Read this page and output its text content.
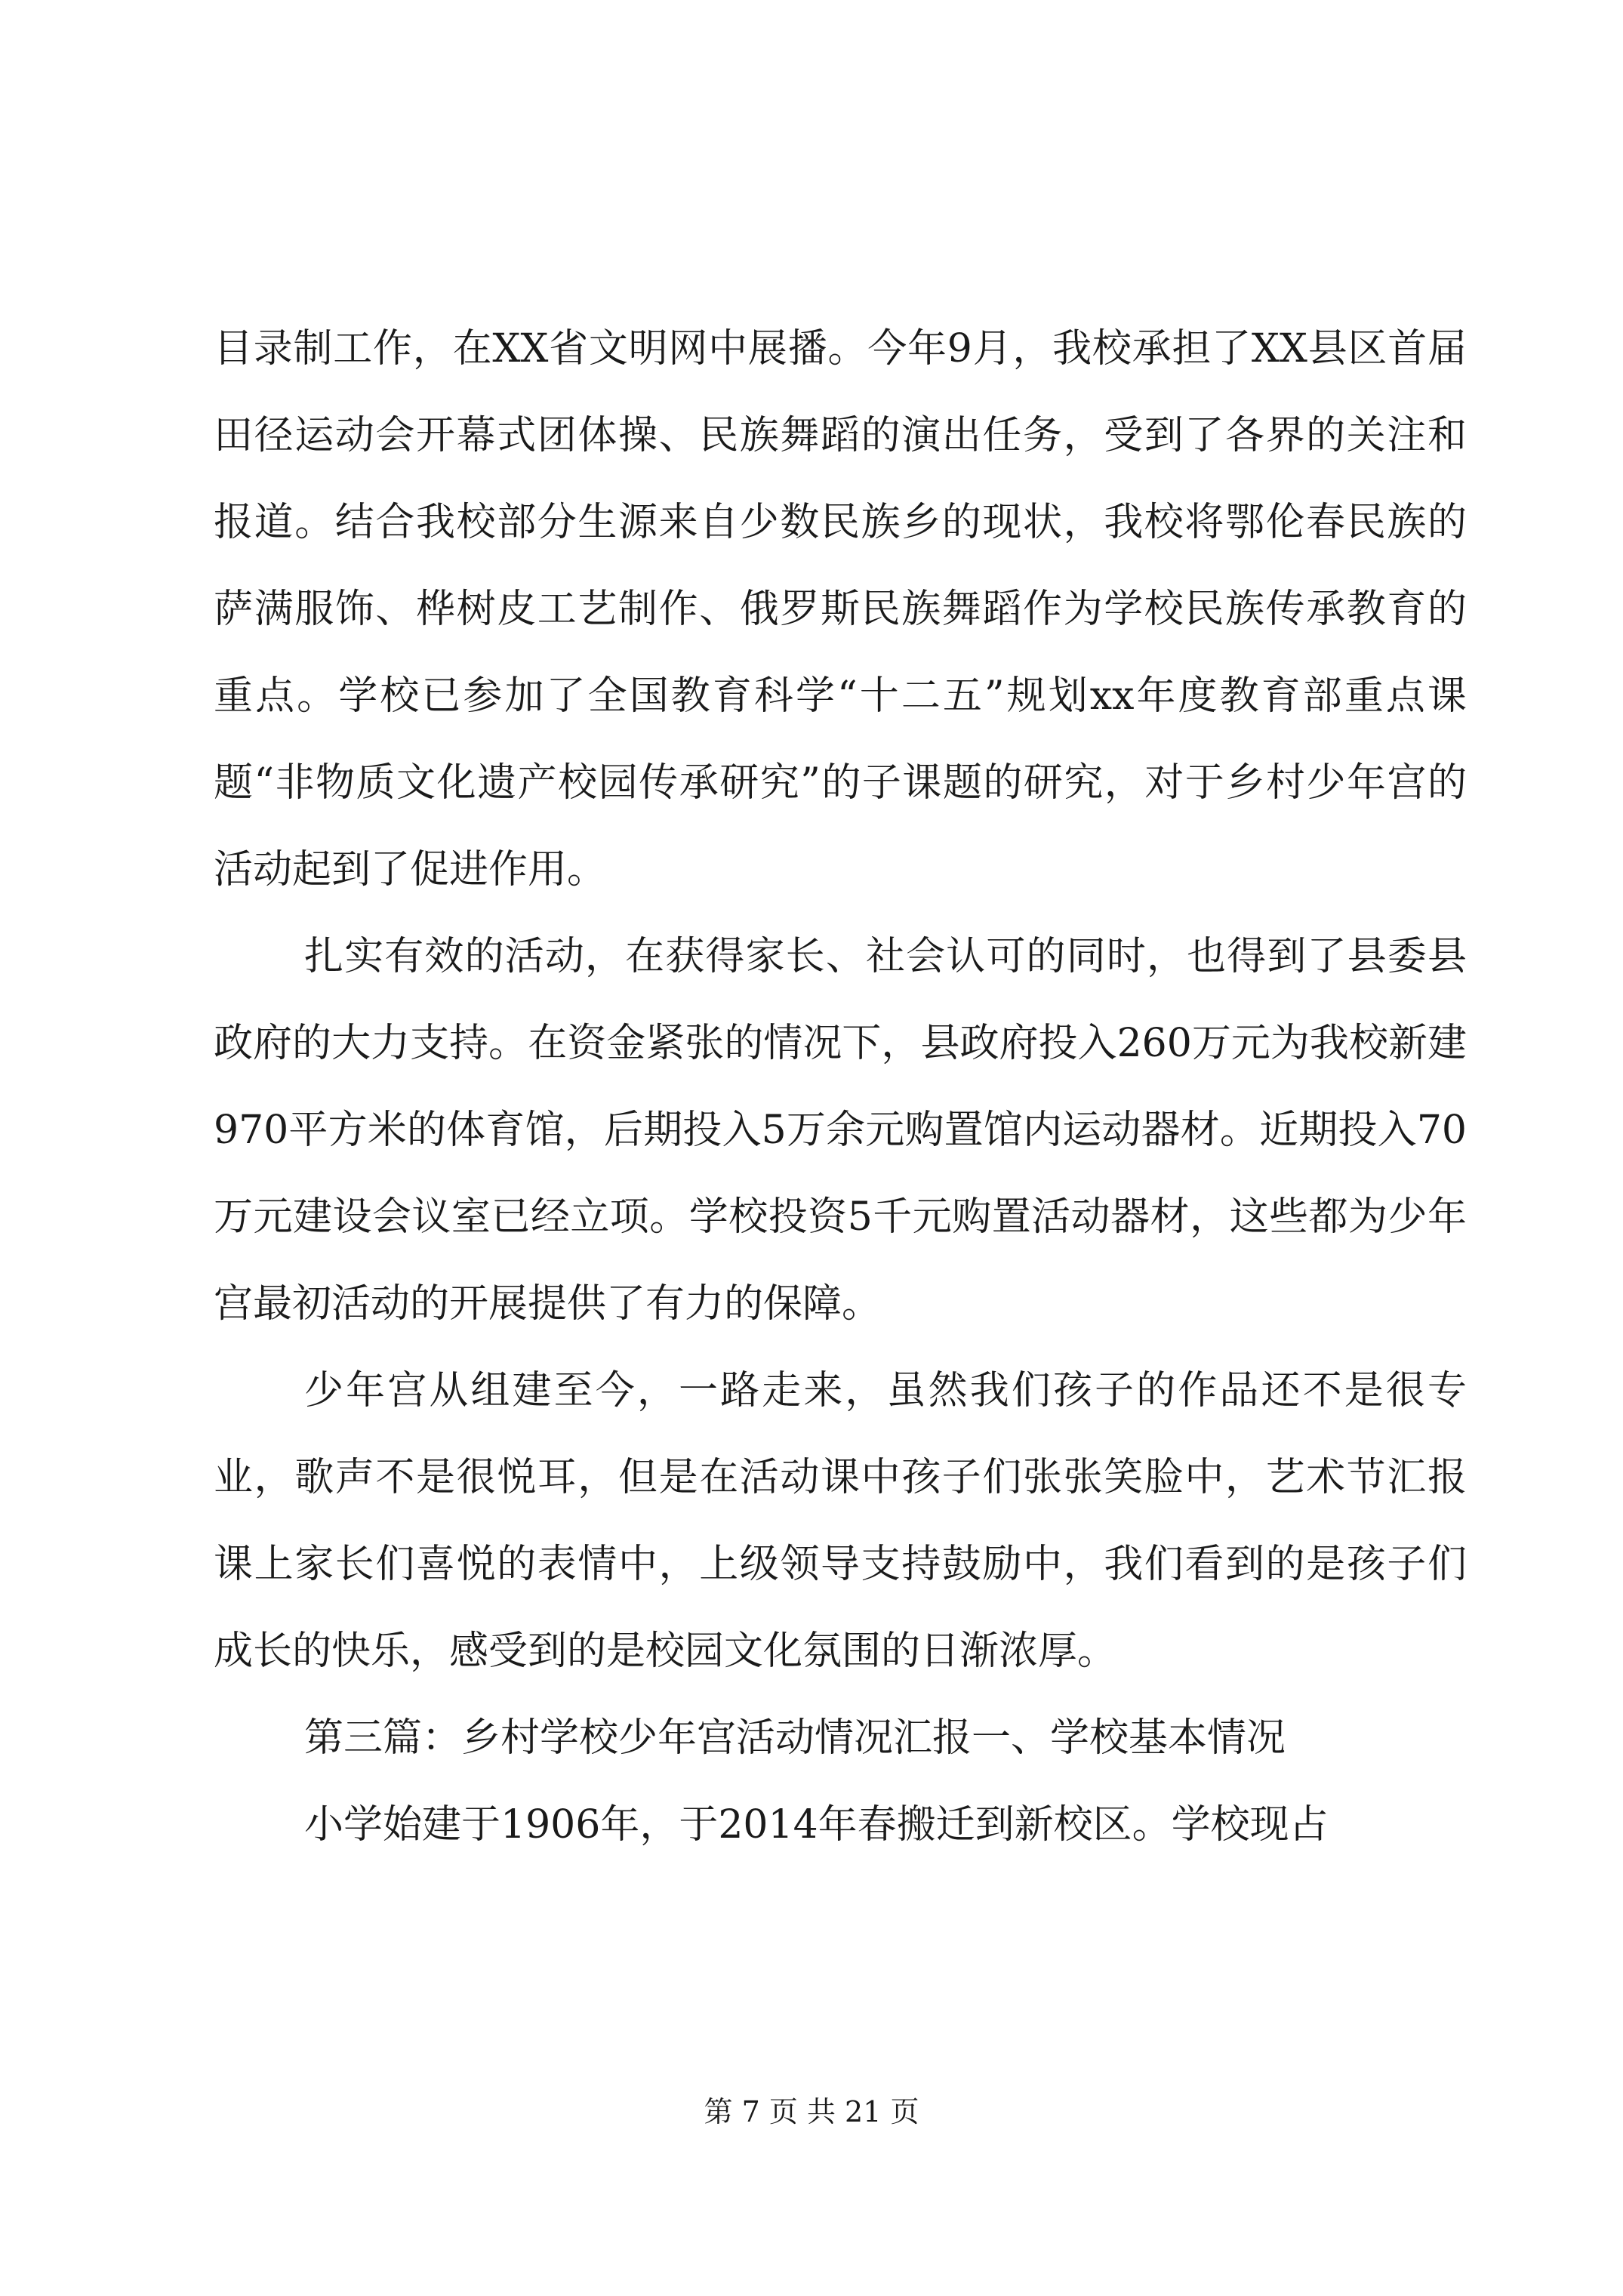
目录制工作，在XX省文明网中展播。今年9月，我校承担了XX县区首届田径运动会开幕式团体操、民族舞蹈的演出任务，受到了各界的关注和报道。结合我校部分生源来自少数民族乡的现状，我校将鄂伦春民族的萨满服饰、桦树皮工艺制作、俄罗斯民族舞蹈作为学校民族传承教育的重点。学校已参加了全国教育科学“十二五”规划xx年度教育部重点课题“非物质文化遗产校园传承研究”的子课题的研究，对于乡村少年宫的活动起到了促进作用。

扎实有效的活动，在获得家长、社会认可的同时，也得到了县委县政府的大力支持。在资金紧张的情况下，县政府投入260万元为我校新建970平方米的体育馆，后期投入5万余元购置馆内运动器材。近期投入70万元建设会议室已经立项。学校投资5千元购置活动器材，这些都为少年宫最初活动的开展提供了有力的保障。

少年宫从组建至今，一路走来，虽然我们孩子的作品还不是很专业，歌声不是很悦耳，但是在活动课中孩子们张张笑脸中，艺术节汇报课上家长们喜悦的表情中，上级领导支持鼓励中，我们看到的是孩子们成长的快乐，感受到的是校园文化氛围的日渐浓厚。

第三篇：乡村学校少年宫活动情况汇报一、学校基本情况

小学始建于1906年，于2014年春搬迁到新校区。学校现占

第 7 页 共 21 页
